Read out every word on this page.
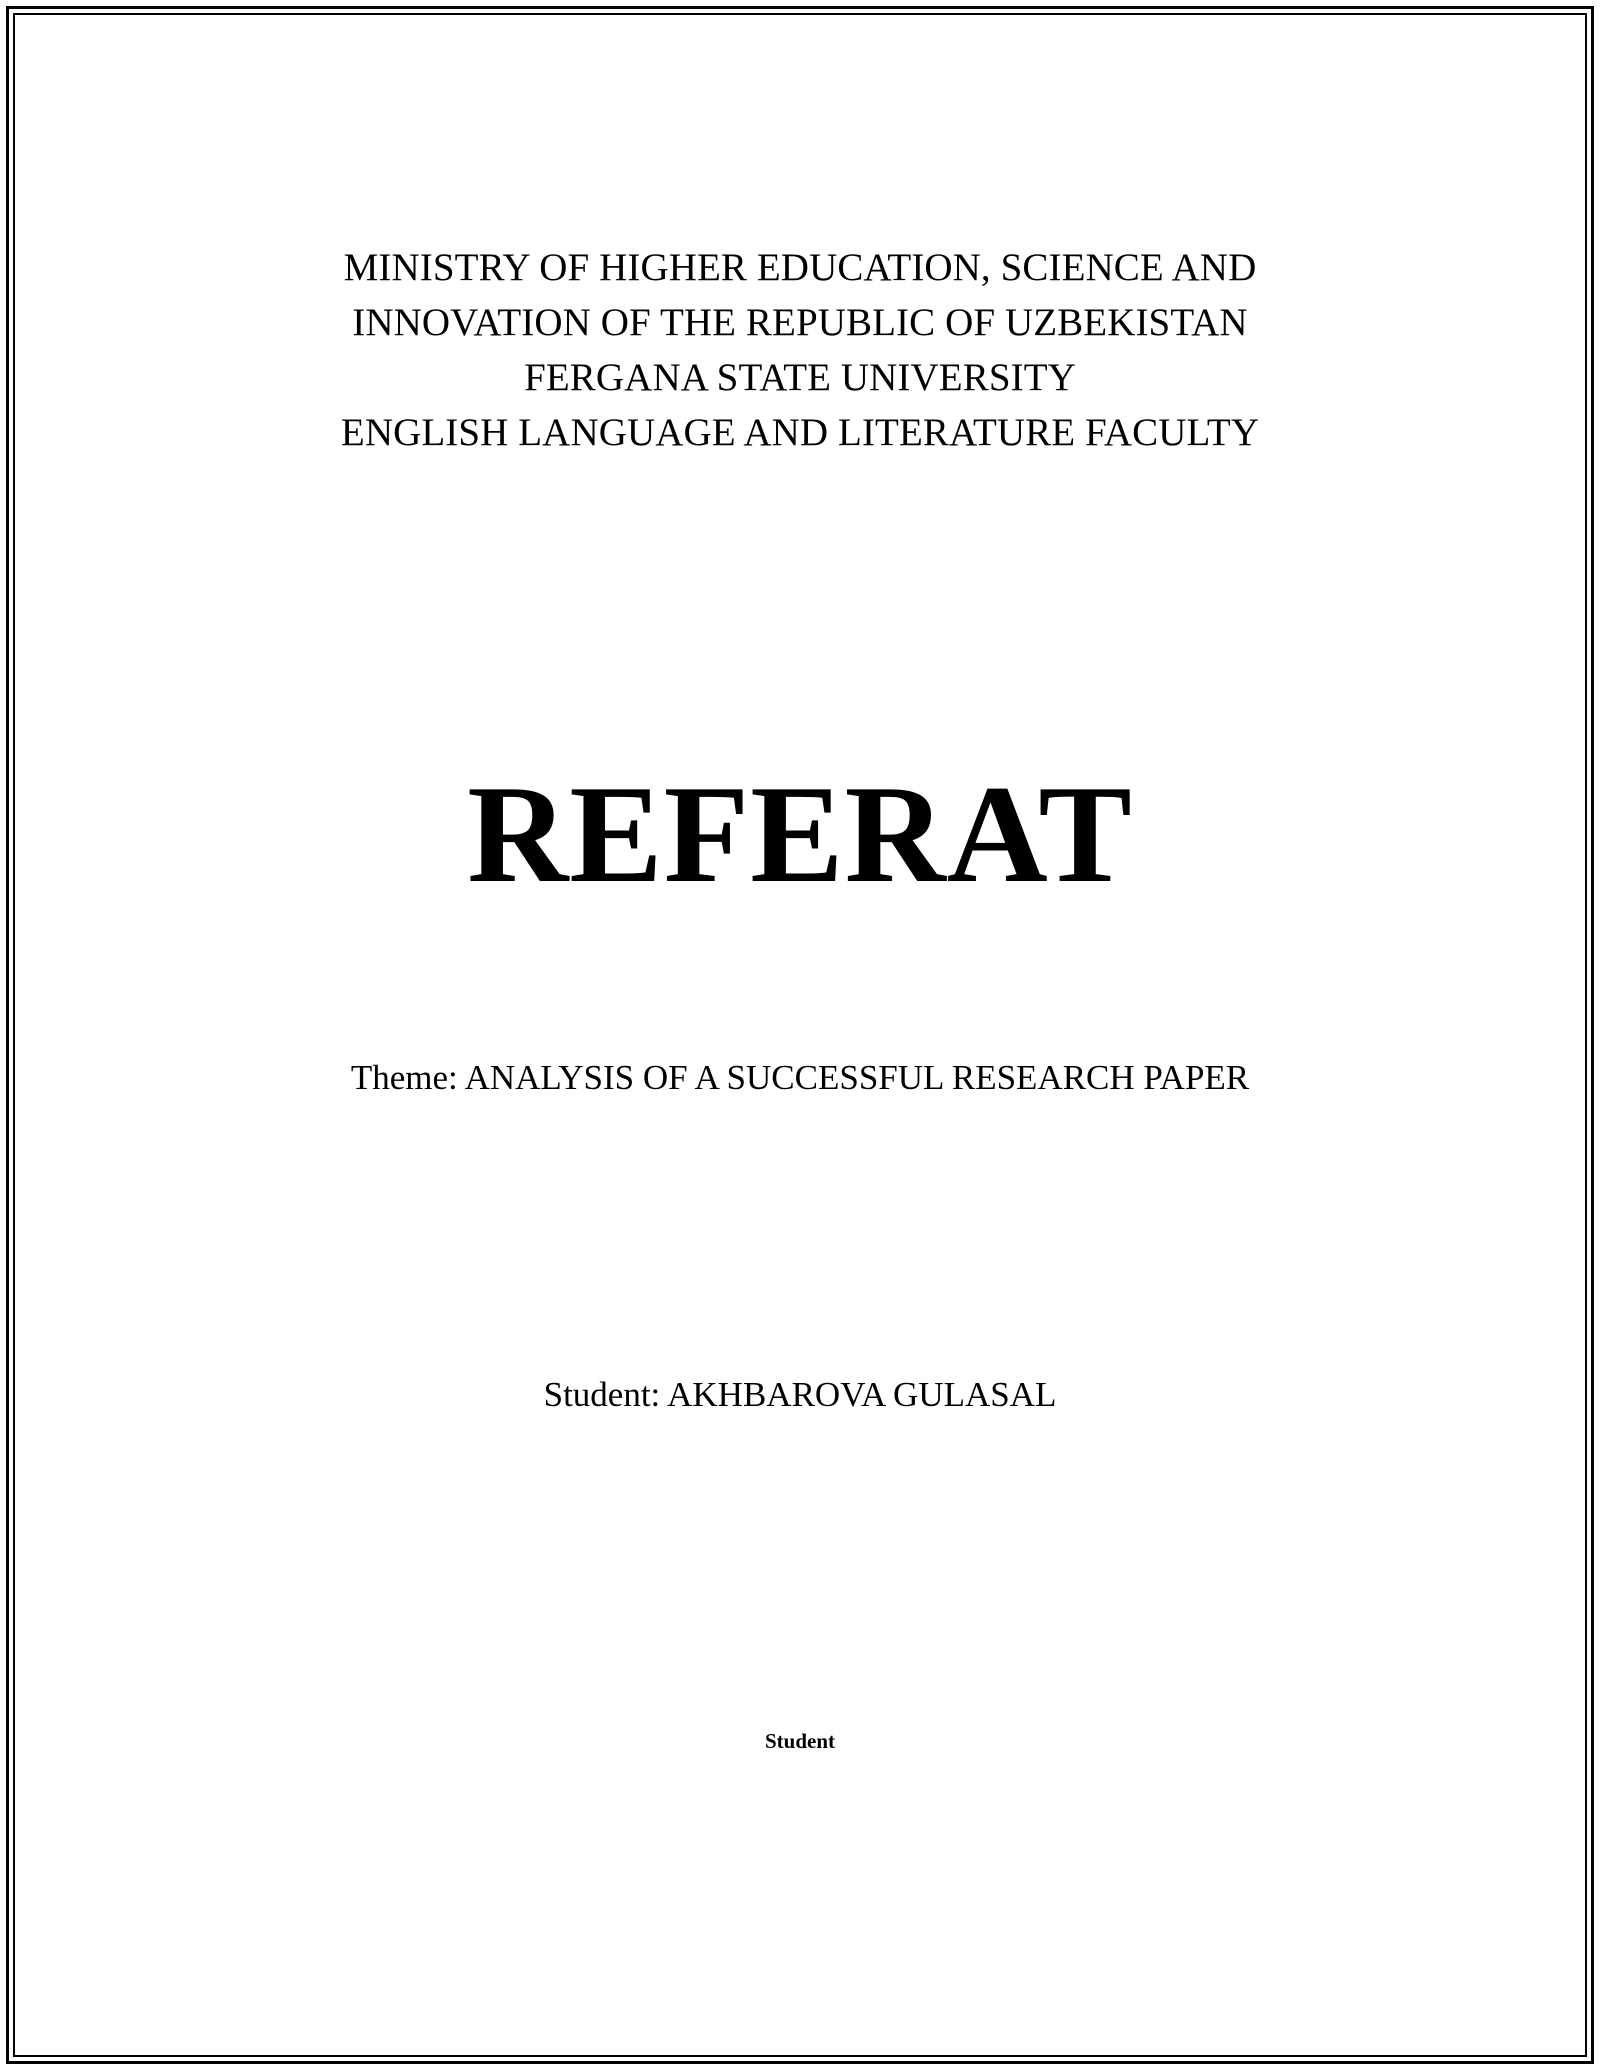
MINISTRY OF HIGHER EDUCATION, SCIENCE AND
INNOVATION OF THE REPUBLIC OF UZBEKISTAN
FERGANA STATE UNIVERSITY
ENGLISH LANGUAGE AND LITERATURE FACULTY
REFERAT
Theme: ANALYSIS OF A SUCCESSFUL RESEARCH PAPER
Student: AKHBAROVA GULASAL
Student
